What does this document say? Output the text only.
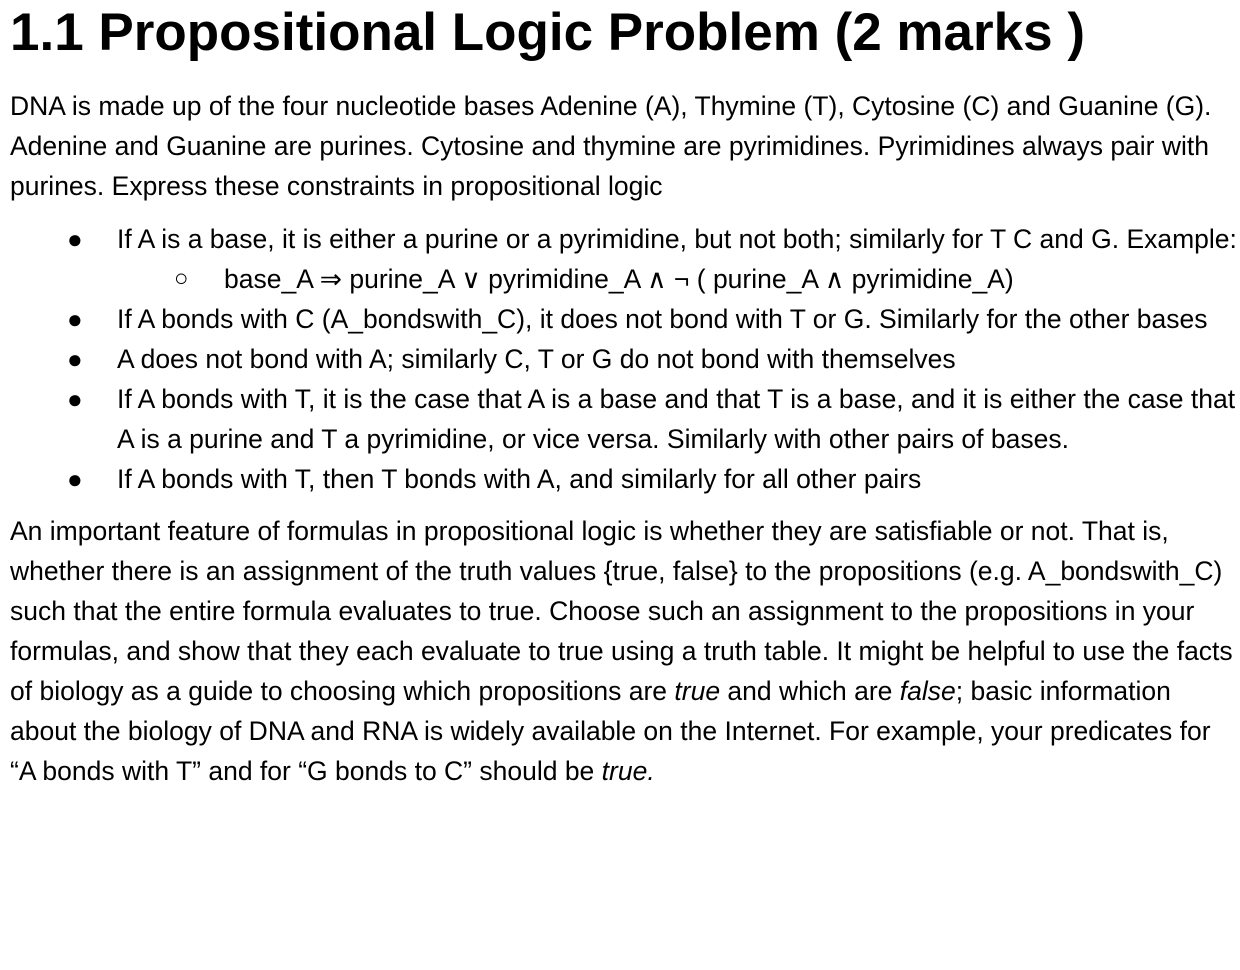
1.1 Propositional Logic Problem (2 marks )

DNA is made up of the four nucleotide bases Adenine (A), Thymine (T), Cytosine (C) and Guanine (G). Adenine and Guanine are purines. Cytosine and thymine are pyrimidines. Pyrimidines always pair with purines. Express these constraints in propositional logic

● If A is a base, it is either a purine or a pyrimidine, but not both; similarly for T C and G. Example:
○ base_A ⇒ purine_A ∨ pyrimidine_A ∧ ¬ ( purine_A ∧ pyrimidine_A)
● If A bonds with C (A_bondswith_C), it does not bond with T or G. Similarly for the other bases
● A does not bond with A; similarly C, T or G do not bond with themselves
● If A bonds with T, it is the case that A is a base and that T is a base, and it is either the case that A is a purine and T a pyrimidine, or vice versa. Similarly with other pairs of bases.
● If A bonds with T, then T bonds with A, and similarly for all other pairs

An important feature of formulas in propositional logic is whether they are satisfiable or not. That is, whether there is an assignment of the truth values {true, false} to the propositions (e.g. A_bondswith_C) such that the entire formula evaluates to true. Choose such an assignment to the propositions in your formulas, and show that they each evaluate to true using a truth table. It might be helpful to use the facts of biology as a guide to choosing which propositions are true and which are false; basic information about the biology of DNA and RNA is widely available on the Internet. For example, your predicates for “A bonds with T” and for “G bonds to C” should be true.
